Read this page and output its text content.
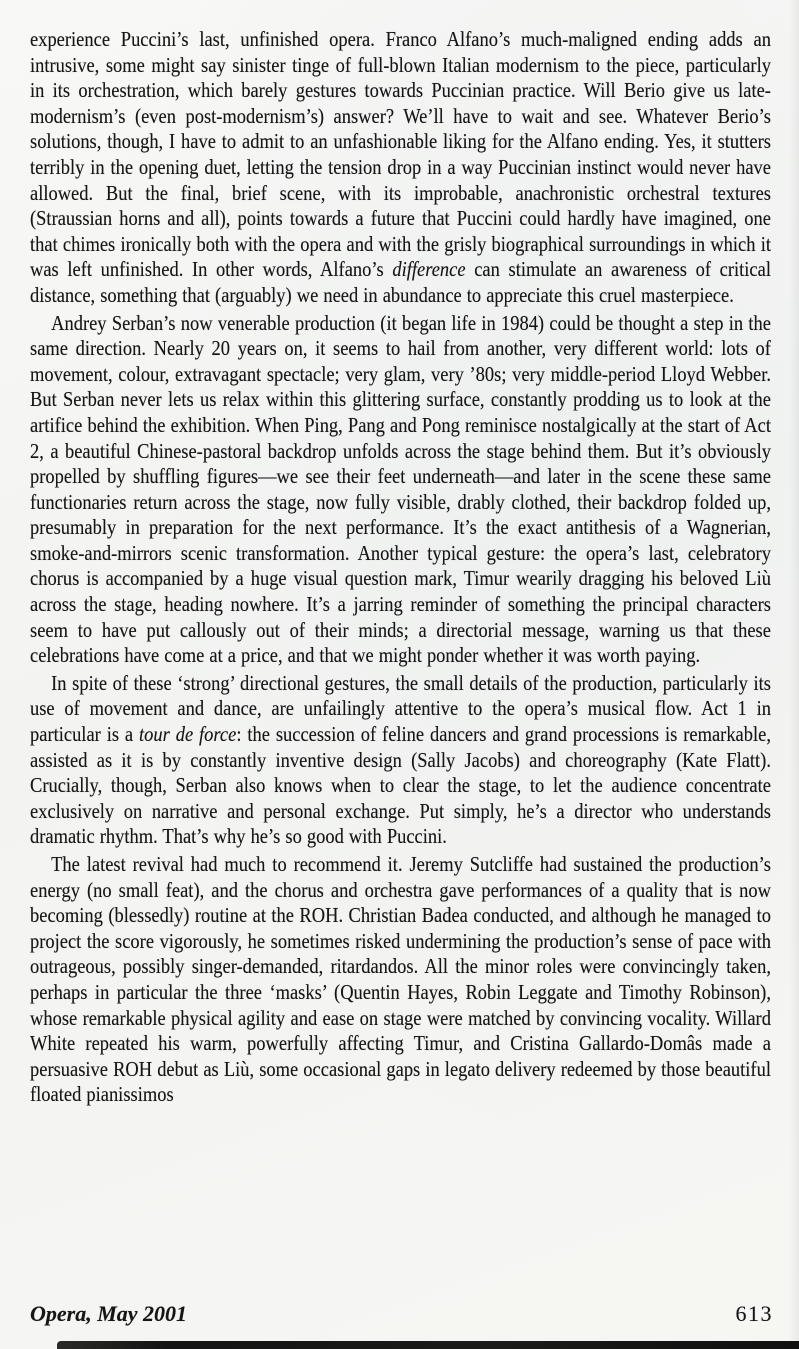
experience Puccini’s last, unfinished opera. Franco Alfano’s much-maligned ending adds an intrusive, some might say sinister tinge of full-blown Italian modernism to the piece, particularly in its orchestration, which barely gestures towards Puccinian practice. Will Berio give us late-modernism’s (even post-modernism’s) answer? We’ll have to wait and see. Whatever Berio’s solutions, though, I have to admit to an unfashionable liking for the Alfano ending. Yes, it stutters terribly in the opening duet, letting the tension drop in a way Puccinian instinct would never have allowed. But the final, brief scene, with its improbable, anachronistic orchestral textures (Straussian horns and all), points towards a future that Puccini could hardly have imagined, one that chimes ironically both with the opera and with the grisly biographical surroundings in which it was left unfinished. In other words, Alfano’s difference can stimulate an awareness of critical distance, something that (arguably) we need in abundance to appreciate this cruel masterpiece.

Andrey Serban’s now venerable production (it began life in 1984) could be thought a step in the same direction. Nearly 20 years on, it seems to hail from another, very different world: lots of movement, colour, extravagant spectacle; very glam, very ’80s; very middle-period Lloyd Webber. But Serban never lets us relax within this glittering surface, constantly prodding us to look at the artifice behind the exhibition. When Ping, Pang and Pong reminisce nostalgically at the start of Act 2, a beautiful Chinese-pastoral backdrop unfolds across the stage behind them. But it’s obviously propelled by shuffling figures—we see their feet underneath—and later in the scene these same functionaries return across the stage, now fully visible, drably clothed, their backdrop folded up, presumably in preparation for the next performance. It’s the exact antithesis of a Wagnerian, smoke-and-mirrors scenic transformation. Another typical gesture: the opera’s last, celebratory chorus is accompanied by a huge visual question mark, Timur wearily dragging his beloved Liù across the stage, heading nowhere. It’s a jarring reminder of something the principal characters seem to have put callously out of their minds; a directorial message, warning us that these celebrations have come at a price, and that we might ponder whether it was worth paying.

In spite of these ‘strong’ directional gestures, the small details of the production, particularly its use of movement and dance, are unfailingly attentive to the opera’s musical flow. Act 1 in particular is a tour de force: the succession of feline dancers and grand processions is remarkable, assisted as it is by constantly inventive design (Sally Jacobs) and choreography (Kate Flatt). Crucially, though, Serban also knows when to clear the stage, to let the audience concentrate exclusively on narrative and personal exchange. Put simply, he’s a director who understands dramatic rhythm. That’s why he’s so good with Puccini.

The latest revival had much to recommend it. Jeremy Sutcliffe had sustained the production’s energy (no small feat), and the chorus and orchestra gave performances of a quality that is now becoming (blessedly) routine at the ROH. Christian Badea conducted, and although he managed to project the score vigorously, he sometimes risked undermining the production’s sense of pace with outrageous, possibly singer-demanded, ritardandos. All the minor roles were convincingly taken, perhaps in particular the three ‘masks’ (Quentin Hayes, Robin Leggate and Timothy Robinson), whose remarkable physical agility and ease on stage were matched by convincing vocality. Willard White repeated his warm, powerfully affecting Timur, and Cristina Gallardo-Domâs made a persuasive ROH debut as Liù, some occasional gaps in legato delivery redeemed by those beautiful floated pianissimos

Opera, May 2001	613
